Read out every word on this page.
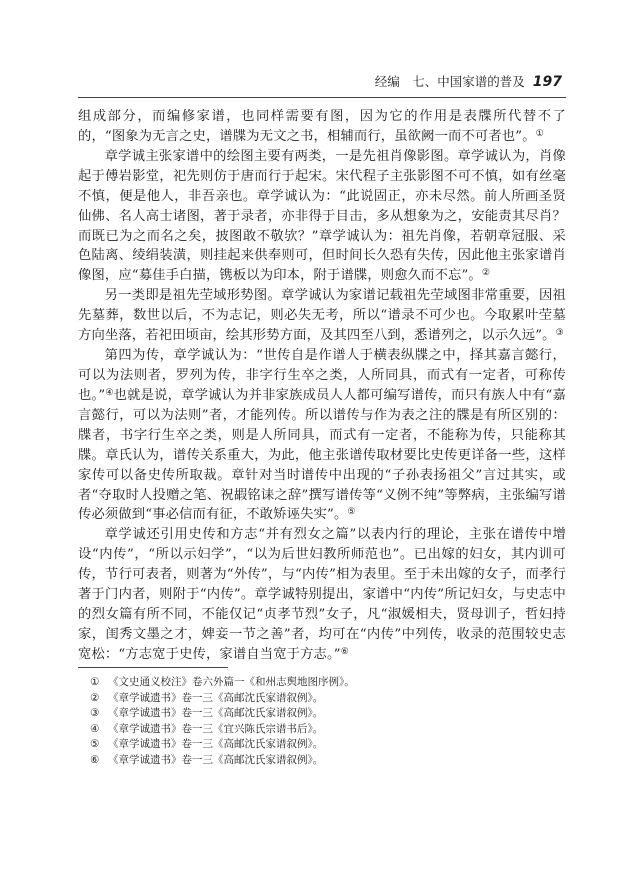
经编　七、中国家谱的普及 197

组成部分，而编修家谱，也同样需要有图，因为它的作用是表牒所代替不了的，“图象为无言之史，谱牒为无文之书，相辅而行，虽欲阙一而不可者也”。①

章学诚主张家谱中的绘图主要有两类，一是先祖肖像影图。章学诚认为，肖像起于傅岩影堂，祀先则仿于唐而行于起宋。宋代程子主张影图不可不慎，如有丝毫不慎，便是他人，非吾亲也。章学诚认为：“此说固正，亦未尽然。前人所画圣贤仙佛、名人高士诸图，著于录者，亦非得于目击，多从想象为之，安能责其尽肖？而既已为之而名之矣，披图敢不敬欤？”章学诚认为：祖先肖像，若朝章冠服、采色陆离、绫绢装潢，则挂起来供奉则可，但时间长久恐有失传，因此他主张家谱肖像图，应“募佳手白描，镌板以为印本，附于谱牒，则愈久而不忘”。②

另一类即是祖先茔域形势图。章学诚认为家谱记载祖先茔域图非常重要，因祖先墓葬，数世以后，不为志记，则必失无考，所以“谱录不可少也。今取累叶茔墓方向坐落，若祀田顷亩，绘其形势方面，及其四至八到，悉谱列之，以示久远”。③

第四为传，章学诚认为：“世传自是作谱人于横表纵牒之中，择其嘉言懿行，可以为法则者，罗列为传，非字行生卒之类，人所同具，而式有一定者，可称传也。”④也就是说，章学诚认为并非家族成员人人都可编写谱传，而只有族人中有“嘉言懿行，可以为法则”者，才能列传。所以谱传与作为表之注的牒是有所区别的：牒者，书字行生卒之类，则是人所同具，而式有一定者，不能称为传，只能称其牒。章氏认为，谱传关系重大，为此，他主张谱传取材要比史传更详备一些，这样家传可以备史传所取裁。章针对当时谱传中出现的“子孙表扬祖父”言过其实，或者“夺取时人投赠之笔、祝嘏铭诔之辞”撰写谱传等“义例不纯”等弊病，主张编写谱传必须做到“事必信而有征，不敢矫诬失实”。⑤

章学诚还引用史传和方志“并有烈女之篇”以表内行的理论，主张在谱传中增设“内传”，“所以示妇学”，“以为后世妇教所师范也”。已出嫁的妇女，其内训可传，节行可表者，则著为“外传”，与“内传”相为表里。至于未出嫁的女子，而孝行著于门内者，则附于“内传”。章学诚特别提出，家谱中“内传”所记妇女，与史志中的烈女篇有所不同，不能仅记“贞孝节烈”女子，凡“淑媛相夫，贤母训子，哲妇持家，闺秀文墨之才，婢妾一节之善”者，均可在“内传”中列传，收录的范围较史志宽松：“方志宽于史传，家谱自当宽于方志。”⑥

① 《文史通义校注》卷六外篇一《和州志舆地图序例》。
② 《章学诚遗书》卷一三《高邮沈氏家谱叙例》。
③ 《章学诚遗书》卷一三《高邮沈氏家谱叙例》。
④ 《章学诚遗书》卷一三《宜兴陈氏宗谱书后》。
⑤ 《章学诚遗书》卷一三《高邮沈氏家谱叙例》。
⑥ 《章学诚遗书》卷一三《高邮沈氏家谱叙例》。
